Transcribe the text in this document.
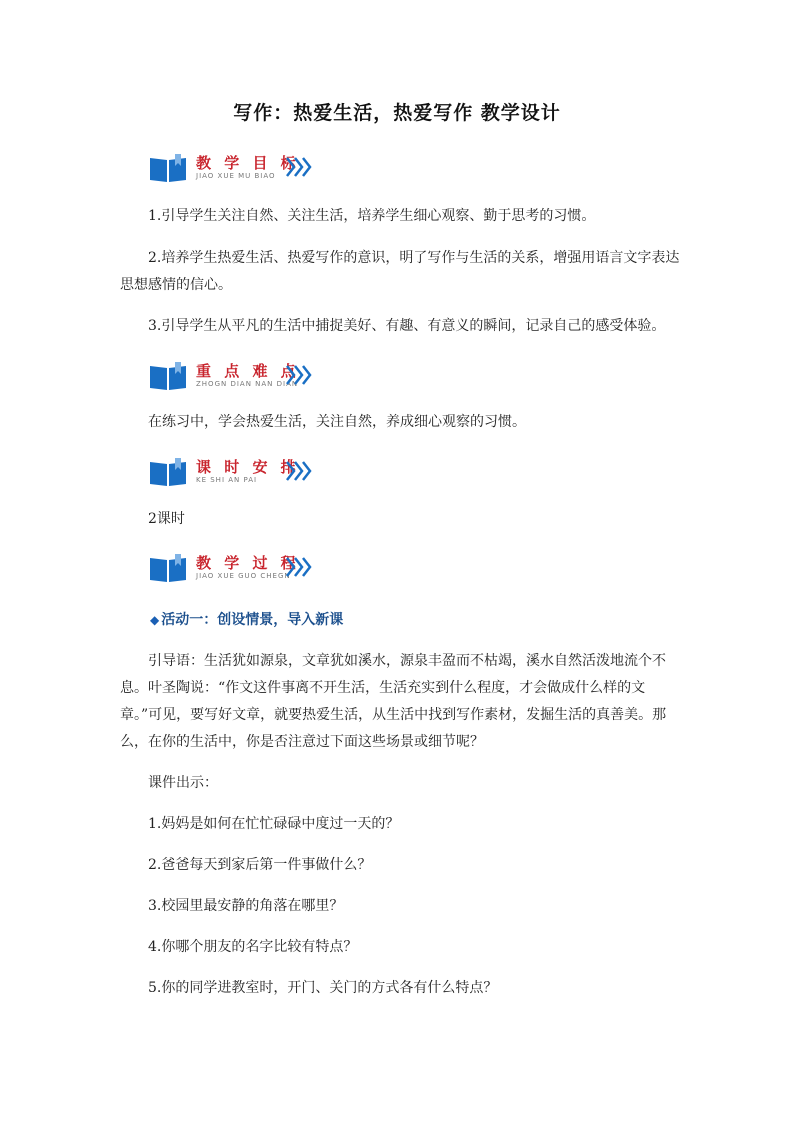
写作：热爱生活，热爱写作 教学设计
教 学 目 标
JIAO XUE MU BIAO

1.引导学生关注自然、关注生活，培养学生细心观察、勤于思考的习惯。

2.培养学生热爱生活、热爱写作的意识，明了写作与生活的关系，增强用语言文字表达思想感情的信心。

3.引导学生从平凡的生活中捕捉美好、有趣、有意义的瞬间，记录自己的感受体验。

重 点 难 点
ZHOGN DIAN NAN DIAN

在练习中，学会热爱生活，关注自然，养成细心观察的习惯。

课 时 安 排
KE SHI AN PAI

2课时

教 学 过 程
JIAO XUE GUO CHEGN
◆ 活动一：创设情景，导入新课

引导语：生活犹如源泉，文章犹如溪水，源泉丰盈而不枯竭，溪水自然活泼地流个不息。叶圣陶说：“作文这件事离不开生活，生活充实到什么程度，才会做成什么样的文章。”可见，要写好文章，就要热爱生活，从生活中找到写作素材，发掘生活的真善美。那么，在你的生活中，你是否注意过下面这些场景或细节呢？

课件出示：

1.妈妈是如何在忙忙碌碌中度过一天的？

2.爸爸每天到家后第一件事做什么？

3.校园里最安静的角落在哪里？

4.你哪个朋友的名字比较有特点？

5.你的同学进教室时，开门、关门的方式各有什么特点？
